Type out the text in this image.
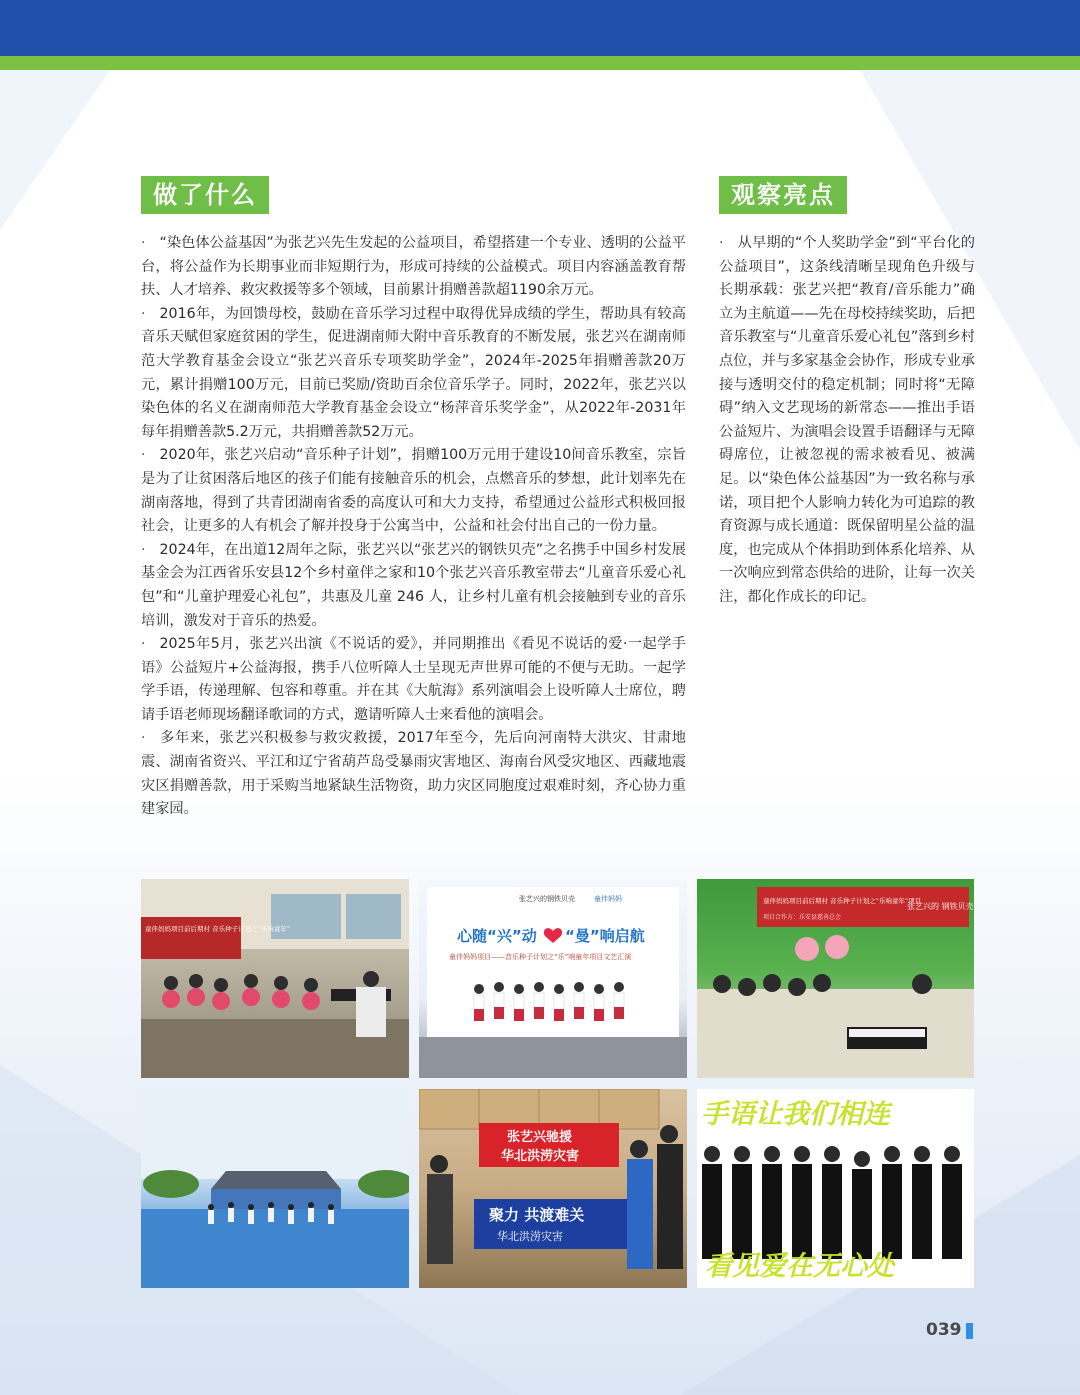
做了什么	观察亮点

· “染色体公益基因”为张艺兴先生发起的公益项目，希望搭建一个专业、透明的公益平台，将公益作为长期事业而非短期行为，形成可持续的公益模式。项目内容涵盖教育帮扶、人才培养、救灾救援等多个领域，目前累计捐赠善款超1190余万元。

· 2016年，为回馈母校，鼓励在音乐学习过程中取得优异成绩的学生，帮助具有较高音乐天赋但家庭贫困的学生，促进湖南师大附中音乐教育的不断发展，张艺兴在湖南师范大学教育基金会设立“张艺兴音乐专项奖助学金”，2024年-2025年捐赠善款20万元，累计捐赠100万元，目前已奖励/资助百余位音乐学子。同时，2022年，张艺兴以染色体的名义在湖南师范大学教育基金会设立“杨萍音乐奖学金”，从2022年-2031年每年捐赠善款5.2万元，共捐赠善款52万元。

· 2020年，张艺兴启动“音乐种子计划”，捐赠100万元用于建设10间音乐教室，宗旨是为了让贫困落后地区的孩子们能有接触音乐的机会，点燃音乐的梦想，此计划率先在湖南落地，得到了共青团湖南省委的高度认可和大力支持，希望通过公益形式积极回报社会，让更多的人有机会了解并投身于公寓当中，公益和社会付出自己的一份力量。

· 2024年，在出道12周年之际，张艺兴以“张艺兴的钢铁贝壳”之名携手中国乡村发展基金会为江西省乐安县12个乡村童伴之家和10个张艺兴音乐教室带去“儿童音乐爱心礼包”和“儿童护理爱心礼包”，共惠及儿童 246 人，让乡村儿童有机会接触到专业的音乐培训，激发对于音乐的热爱。

· 2025年5月，张艺兴出演《不说话的爱》，并同期推出《看见不说话的爱·一起学手语》公益短片+公益海报，携手八位听障人士呈现无声世界可能的不便与无助。一起学学手语，传递理解、包容和尊重。并在其《大航海》系列演唱会上设听障人士席位，聘请手语老师现场翻译歌词的方式，邀请听障人士来看他的演唱会。

· 多年来，张艺兴积极参与救灾救援，2017年至今，先后向河南特大洪灾、甘肃地震、湖南省资兴、平江和辽宁省葫芦岛受暴雨灾害地区、海南台风受灾地区、西藏地震灾区捐赠善款，用于采购当地紧缺生活物资，助力灾区同胞度过艰难时刻，齐心协力重建家园。

· 从早期的“个人奖助学金”到“平台化的公益项目”，这条线清晰呈现角色升级与长期承载：张艺兴把“教育/音乐能力”确立为主航道——先在母校持续奖助，后把音乐教室与“儿童音乐爱心礼包”落到乡村点位，并与多家基金会协作，形成专业承接与透明交付的稳定机制；同时将“无障碍”纳入文艺现场的新常态——推出手语公益短片、为演唱会设置手语翻译与无障碍席位，让被忽视的需求被看见、被满足。以“染色体公益基因”为一致名称与承诺，项目把个人影响力转化为可追踪的教育资源与成长通道：既保留明星公益的温度，也完成从个体捐助到体系化培养、从一次响应到常态供给的进阶，让每一次关注，都化作成长的印记。

童伴妈妈项目前后期村 音乐种子计划之“乐响童年”
张艺兴的钢铁贝壳	童伴妈妈
心随“兴”动 “曼”响启航
童伴妈妈项目——音乐种子计划之“乐”响童年项目文艺汇演
童伴妈妈项目前后期村 音乐种子计划之“乐响童年”项目
项目合作方：乐安县慈善总会
张艺兴的 钢铁贝壳
张艺兴驰援
华北洪涝灾害
聚力 共渡难关
华北洪涝灾害
手语让我们相连
看见爱在无心处
039
